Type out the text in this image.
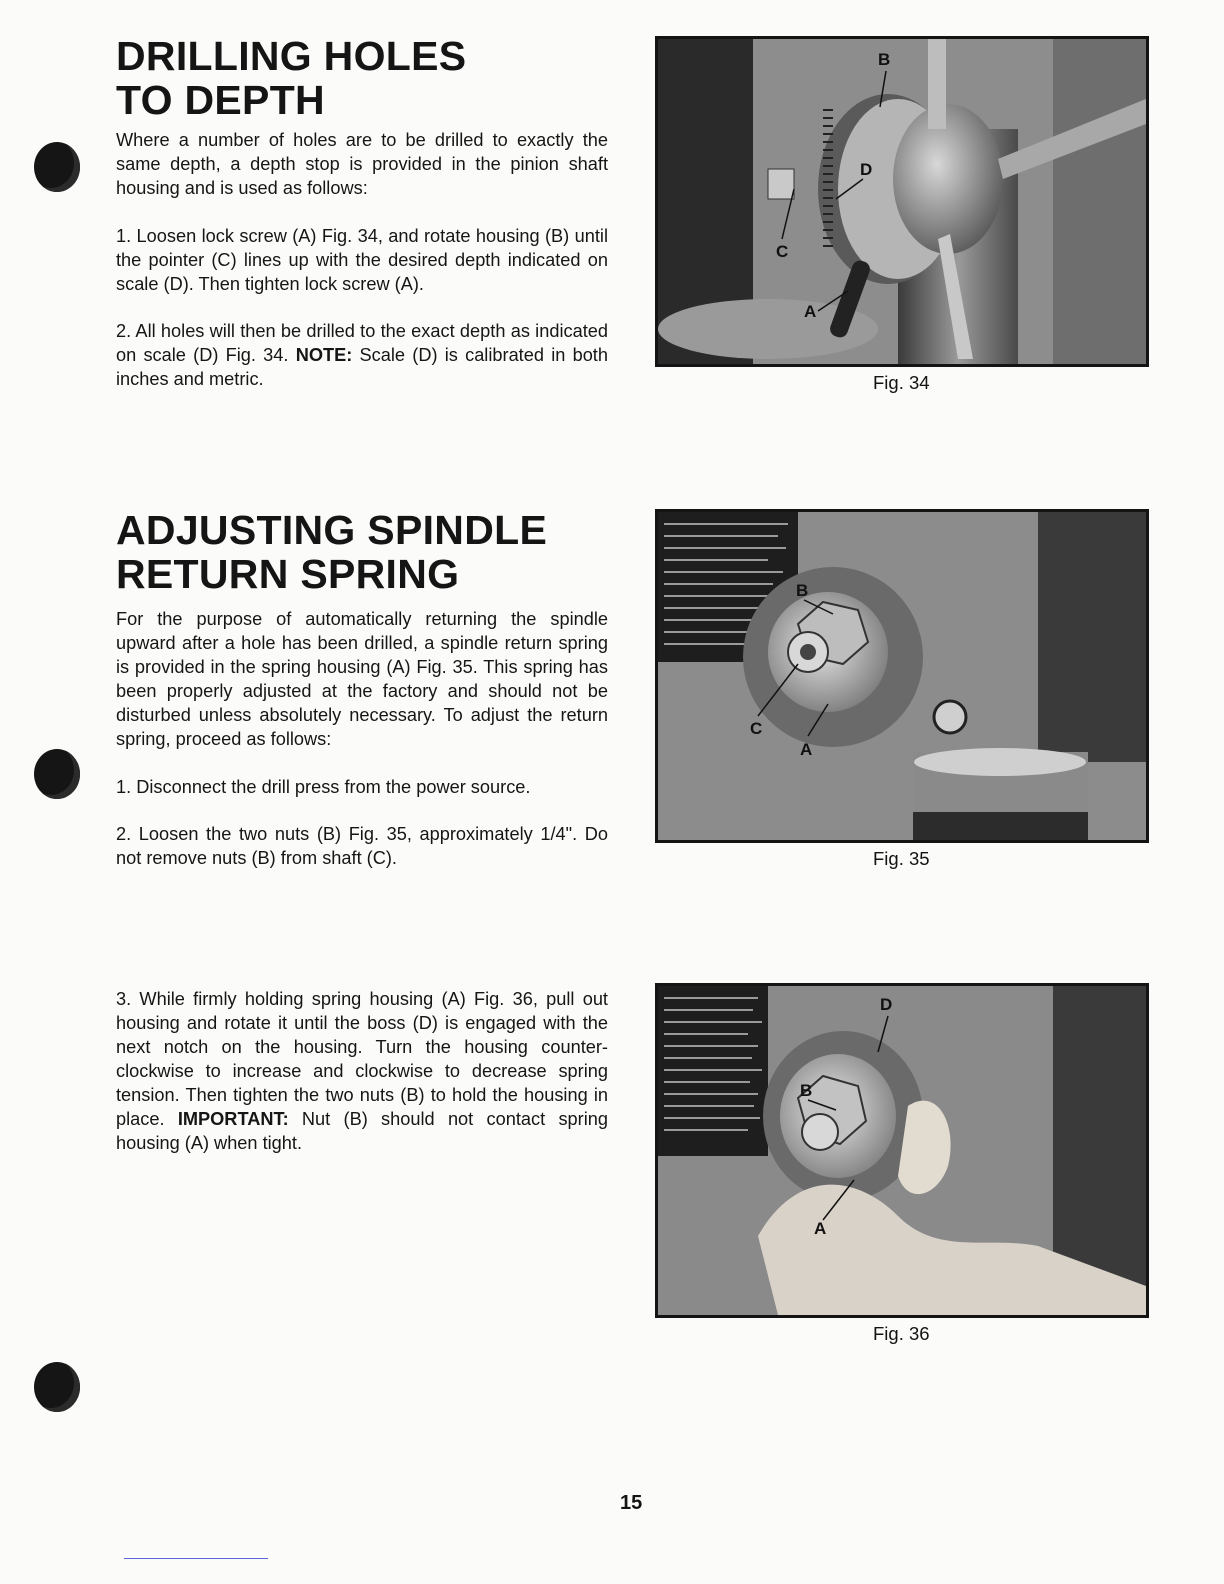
DRILLING HOLES
TO DEPTH

Where a number of holes are to be drilled to exactly the same depth, a depth stop is provided in the pinion shaft housing and is used as follows:

1. Loosen lock screw (A) Fig. 34, and rotate housing (B) until the pointer (C) lines up with the desired depth indicated on scale (D). Then tighten lock screw (A).

2. All holes will then be drilled to the exact depth as indicated on scale (D) Fig. 34. NOTE: Scale (D) is calibrated in both inches and metric.

B
D
C
A

Fig. 34

ADJUSTING SPINDLE
RETURN SPRING

For the purpose of automatically returning the spindle upward after a hole has been drilled, a spindle return spring is provided in the spring housing (A) Fig. 35. This spring has been properly adjusted at the factory and should not be disturbed unless absolutely necessary. To adjust the return spring, proceed as follows:

1. Disconnect the drill press from the power source.

2. Loosen the two nuts (B) Fig. 35, approximately 1/4". Do not remove nuts (B) from shaft (C).

B
C
A

Fig. 35

3. While firmly holding spring housing (A) Fig. 36, pull out housing and rotate it until the boss (D) is engaged with the next notch on the housing. Turn the housing counter-clockwise to increase and clockwise to decrease spring tension. Then tighten the two nuts (B) to hold the housing in place. IMPORTANT: Nut (B) should not contact spring housing (A) when tight.

D
B
A

Fig. 36

15
